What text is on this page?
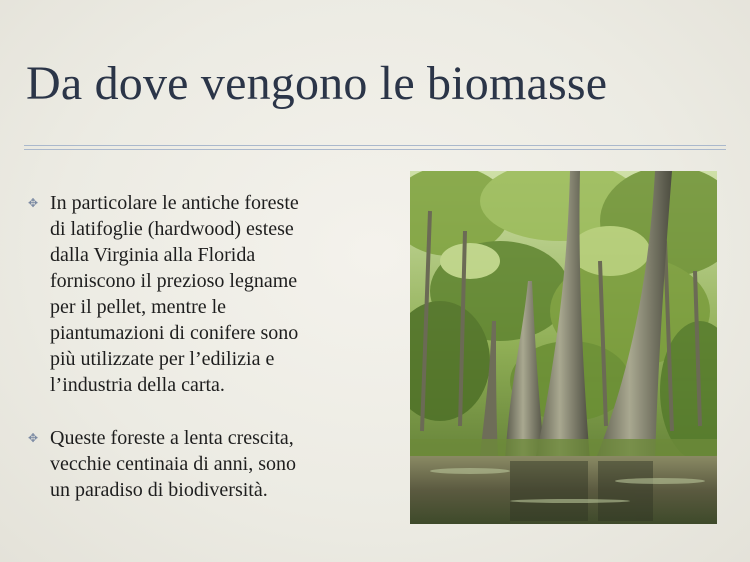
Da dove vengono le biomasse
✥ In particolare le antiche foreste
di latifoglie (hardwood) estese
dalla Virginia alla Florida
forniscono il prezioso legname
per il pellet, mentre le
piantumazioni di conifere sono
più utilizzate per l’edilizia e
l’industria della carta.
✥ Queste foreste a lenta crescita,
vecchie centinaia di anni, sono
un paradiso di biodiversità.
